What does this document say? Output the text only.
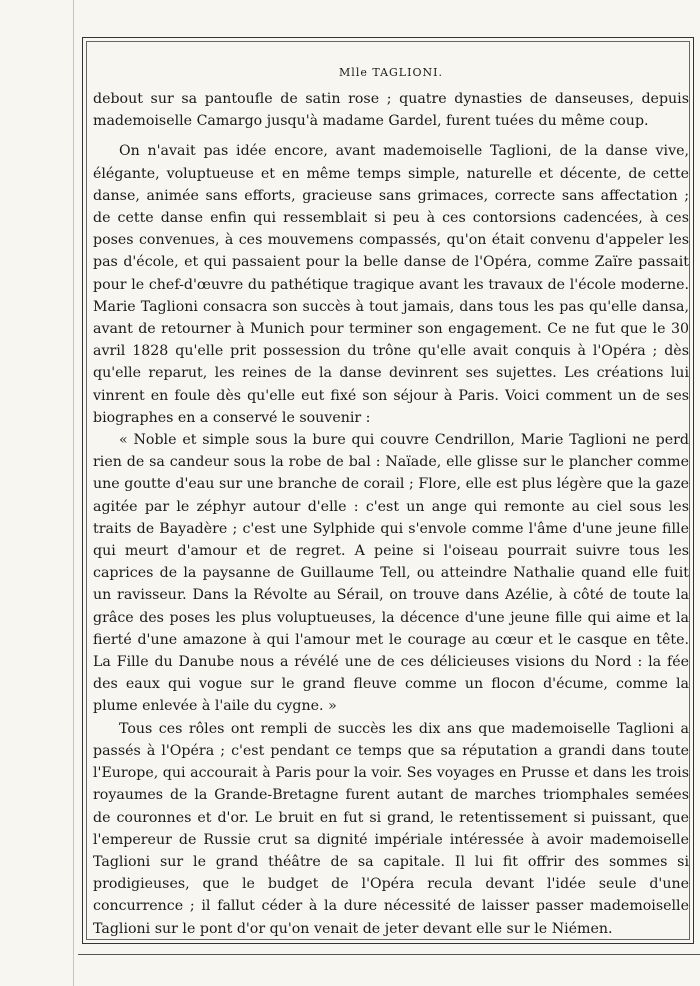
Mlle TAGLIONI.

debout sur sa pantoufle de satin rose ; quatre dynasties de danseuses, depuis mademoiselle Camargo jusqu'à madame Gardel, furent tuées du même coup.

On n'avait pas idée encore, avant mademoiselle Taglioni, de la danse vive, élégante, voluptueuse et en même temps simple, naturelle et décente, de cette danse, animée sans efforts, gracieuse sans grimaces, correcte sans affectation ; de cette danse enfin qui ressemblait si peu à ces contorsions cadencées, à ces poses convenues, à ces mouvemens compassés, qu'on était convenu d'appeler les pas d'école, et qui passaient pour la belle danse de l'Opéra, comme Zaïre passait pour le chef-d'œuvre du pathétique tragique avant les travaux de l'école moderne. Marie Taglioni consacra son succès à tout jamais, dans tous les pas qu'elle dansa, avant de retourner à Munich pour terminer son engagement. Ce ne fut que le 30 avril 1828 qu'elle prit possession du trône qu'elle avait conquis à l'Opéra ; dès qu'elle reparut, les reines de la danse devinrent ses sujettes. Les créations lui vinrent en foule dès qu'elle eut fixé son séjour à Paris. Voici comment un de ses biographes en a conservé le souvenir :

« Noble et simple sous la bure qui couvre Cendrillon, Marie Taglioni ne perd rien de sa candeur sous la robe de bal : Naïade, elle glisse sur le plancher comme une goutte d'eau sur une branche de corail ; Flore, elle est plus légère que la gaze agitée par le zéphyr autour d'elle : c'est un ange qui remonte au ciel sous les traits de Bayadère ; c'est une Sylphide qui s'envole comme l'âme d'une jeune fille qui meurt d'amour et de regret. A peine si l'oiseau pourrait suivre tous les caprices de la paysanne de Guillaume Tell, ou atteindre Nathalie quand elle fuit un ravisseur. Dans la Révolte au Sérail, on trouve dans Azélie, à côté de toute la grâce des poses les plus voluptueuses, la décence d'une jeune fille qui aime et la fierté d'une amazone à qui l'amour met le courage au cœur et le casque en tête. La Fille du Danube nous a révélé une de ces délicieuses visions du Nord : la fée des eaux qui vogue sur le grand fleuve comme un flocon d'écume, comme la plume enlevée à l'aile du cygne. »

Tous ces rôles ont rempli de succès les dix ans que mademoiselle Taglioni a passés à l'Opéra ; c'est pendant ce temps que sa réputation a grandi dans toute l'Europe, qui accourait à Paris pour la voir. Ses voyages en Prusse et dans les trois royaumes de la Grande-Bretagne furent autant de marches triomphales semées de couronnes et d'or. Le bruit en fut si grand, le retentissement si puissant, que l'empereur de Russie crut sa dignité impériale intéressée à avoir mademoiselle Taglioni sur le grand théâtre de sa capitale. Il lui fit offrir des sommes si prodigieuses, que le budget de l'Opéra recula devant l'idée seule d'une concurrence ; il fallut céder à la dure nécessité de laisser passer mademoiselle Taglioni sur le pont d'or qu'on venait de jeter devant elle sur le Niémen.
